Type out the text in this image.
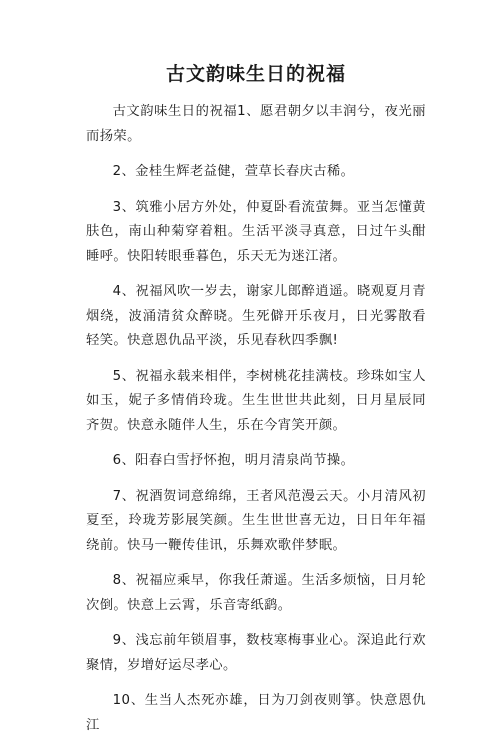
古文韵味生日的祝福

古文韵味生日的祝福1、愿君朝夕以丰润兮，夜光丽而扬荣。

2、金桂生辉老益健，萱草长春庆古稀。

3、筑雅小居方外处，仲夏卧看流萤舞。亚当怎懂黄肤色，南山种菊穿着粗。生活平淡寻真意，日过午头酣睡呼。快阳转眼垂暮色，乐天无为迷江渚。

4、祝福风吹一岁去，谢家儿郎醉逍遥。晓观夏月青烟绕，波涌清贫众醉晓。生死僻开乐夜月，日光雾散看轻笑。快意恩仇品平淡，乐见春秋四季飘!

5、祝福永载来相伴，李树桃花挂满枝。珍珠如宝人如玉，妮子多情俏玲珑。生生世世共此刻，日月星辰同齐贺。快意永随伴人生，乐在今宵笑开颜。

6、阳春白雪抒怀抱，明月清泉尚节操。

7、祝酒贺词意绵绵，王者风范漫云天。小月清风初夏至，玲珑芳影展笑颜。生生世世喜无边，日日年年福绕前。快马一鞭传佳讯，乐舞欢歌伴梦眠。

8、祝福应乘早，你我任萧遥。生活多烦恼，日月轮次倒。快意上云霄，乐音寄纸鹞。

9、浅忘前年锁眉事，数枝寒梅事业心。深追此行欢聚情，岁增好运尽孝心。

10、生当人杰死亦雄，日为刀剑夜则箏。快意恩仇江
